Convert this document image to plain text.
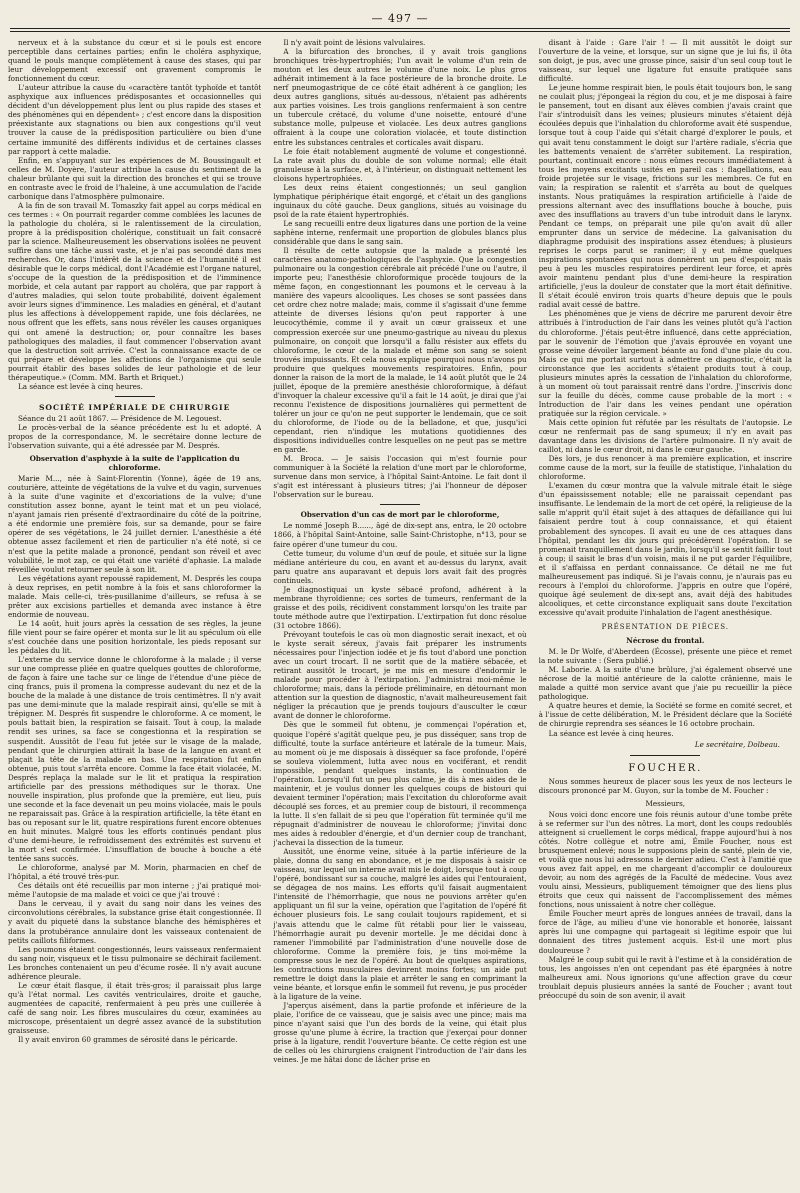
— 497 —

nerveux et à la substance du cœur et si le pouls est encore perceptible dans certaines parties; enfin le choléra asphyxique, quand le pouls manque complètement à cause des stases, qui par leur développement excessif ont gravement compromis le fonctionnement du cœur.

L'auteur attribue la cause du «caractère tantôt typhoïde et tantôt asphyxique aux influences prédisposantes et occasionnelles qui décident d'un développement plus lent ou plus rapide des stases et des phénomènes qui en dépendent» ; c'est encore dans la disposition préexistante aux stagnations ou bien aux congestions qu'il veut trouver la cause de la prédisposition particulière ou bien d'une certaine immunité des différents individus et de certaines classes par rapport à cette maladie.

Enfin, en s'appuyant sur les expériences de M. Boussingault et celles de M. Doyère, l'auteur attribue la cause du sentiment de la chaleur brûlante qui suit la direction des bronches et qui se trouve en contraste avec le froid de l'haleine, à une accumulation de l'acide carbonique dans l'atmosphère pulmonaire.

A la fin de son travail M. Tomaszky fait appel au corps médical en ces termes : « On pourrait regarder comme comblées les lacunes de la pathologie du choléra, si le ralentissement de la circulation, propre à la prédisposition cholérique, constituait un fait consacré par la science. Malheureusement les observations isolées ne peuvent suffire dans une tâche aussi vaste, et je n'ai pas secondé dans mes recherches. Or, dans l'intérêt de la science et de l'humanité il est désirable que le corps médical, dont l'Académie est l'organe naturel, s'occupe de la question de la prédisposition et de l'imminence morbide, et cela autant par rapport au choléra, que par rapport à d'autres maladies, qui selon toute probabilité, doivent également avoir leurs signes d'imminence. Les maladies en général, et d'autant plus les affections à développement rapide, une fois déclarées, ne nous offrent que les effets, sans nous révéler les causes organiques qui ont amené la destruction; or, pour connaître les bases pathologiques des maladies, il faut commencer l'observation avant que la destruction soit arrivée. C'est la connaissance exacte de ce qui prépare et développe les affections de l'organisme qui seule pourrait établir des bases solides de leur pathologie et de leur thérapeutique.» (Comm. MM. Barth et Briquet.)

La séance est levée à cinq heures.

SOCIÉTÉ IMPÉRIALE DE CHIRURGIE

Séance du 21 août 1867. — Présidence de M. Legouest.

Le procès-verbal de la séance précédente est lu et adopté. A propos de la correspondance, M. le secrétaire donne lecture de l'observation suivante, qui a été adressée par M. Després.

Observation d'asphyxie à la suite de l'application du chloroforme.

Marie M..., née à Saint-Florentin (Yonne), âgée de 19 ans, couturière, atteinte de végétations de la vulve et du vagin, survenues à la suite d'une vaginite et d'excoriations de la vulve; d'une constitution assez bonne, ayant le teint mat et un peu violacé, n'ayant jamais rien présenté d'extraordinaire du côté de la poitrine, a été endormie une première fois, sur sa demande, pour se faire opérer de ses végétations, le 24 juillet dernier. L'anesthésie a été obtenue assez facilement et rien de particulier n'a été noté, si ce n'est que la petite malade a prononcé, pendant son réveil et avec volubilité, le mot zap, ce qui était une variété d'aphasie. La malade réveillée voulut retourner seule à son lit.

Les végétations ayant repoussé rapidement, M. Després les coupa à deux reprises, en petit nombre à la fois et sans chloroformer la malade. Mais celle-ci, très-pusillanime d'ailleurs, se refusa à se prêter aux excisions partielles et demanda avec instance à être endormie de nouveau.

Le 14 août, huit jours après la cessation de ses règles, la jeune fille vient pour se faire opérer et monta sur le lit au spéculum où elle s'est couchée dans une position horizontale, les pieds reposant sur les pédales du lit.

L'externe du service donne le chloroforme à la malade ; il verse sur une compresse pliée en quatre quelques gouttes de chloroforme, de façon à faire une tache sur ce linge de l'étendue d'une pièce de cinq francs, puis il promena la compresse audevant du nez et de la bouche de la malade à une distance de trois centimètres. Il n'y avait pas une demi-minute que la malade respirait ainsi, qu'elle se mit à trépigner. M. Després fit suspendre le chloroforme. A ce moment, le pouls battait bien, la respiration se faisait. Tout à coup, la malade rendit ses urines, sa face se congestionna et la respiration se suspendit. Aussitôt de l'eau fut jetée sur le visage de la malade, pendant que le chirurgien attirait la base de la langue en avant et plaçait la tête de la malade en bas. Une respiration fut enfin obtenue, puis tout s'arrêta encore. Comme la face était violacée, M. Després replaça la malade sur le lit et pratiqua la respiration artificielle par des pressions méthodiques sur le thorax. Une nouvelle inspiration, plus profonde que la première, eut lieu, puis une seconde et la face devenait un peu moins violacée, mais le pouls ne reparaissait pas. Grâce à la respiration artificielle, la tête étant en bas ou reposant sur le lit, quatre respirations furent encore obtenues en huit minutes. Malgré tous les efforts continués pendant plus d'une demi-heure, le refroidissement des extrémités est survenu et la mort s'est confirmée. L'insufflation de bouche à bouche a été tentée sans succès.

Le chloroforme, analysé par M. Morin, pharmacien en chef de l'hôpital, a été trouvé très-pur.

Ces détails ont été recueillis par mon interne ; j'ai pratiqué moi-même l'autopsie de ma malade et voici ce que j'ai trouvé :

Dans le cerveau, il y avait du sang noir dans les veines des circonvolutions cérébrales, la substance grise était congestionnée. Il y avait du piqueté dans la substance blanche des hémisphères et dans la protubérance annulaire dont les vaisseaux contenaient de petits caillots filiformes.

Les poumons étaient congestionnés, leurs vaisseaux renfermaient du sang noir, visqueux et le tissu pulmonaire se déchirait facilement. Les bronches contenaient un peu d'écume rosée. Il n'y avait aucune adhérence pleurale.

Le cœur était flasque, il était très-gros; il paraissait plus large qu'à l'état normal. Les cavités ventriculaires, droite et gauche, augmentées de capacité, renfermaient à peu près une cuillerée à café de sang noir. Les fibres musculaires du cœur, examinées au microscope, présentaient un degré assez avancé de la substitution graisseuse.

Il y avait environ 60 grammes de sérosité dans le péricarde.

Il n'y avait point de lésions valvulaires.

A la bifurcation des bronches, il y avait trois ganglions bronchiques très-hypertrophiés; l'un avait le volume d'un rein de mouton et les deux autres le volume d'une noix. Le plus gros adhérait intimement à la face postérieure de la bronche droite. Le nerf pneumogastrique de ce côté était adhérent à ce ganglion; les deux autres ganglions, situés au-dessous, n'étaient pas adhérents aux parties voisines. Les trois ganglions renfermaient à son centre un tubercule crétacé, du volume d'une noisette, entouré d'une substance molle, pulpeuse et violacée. Les deux autres ganglions offraient à la coupe une coloration violacée, et toute distinction entre les substances centrales et corticales avait disparu.

Le foie était notablement augmenté de volume et congestionné. La rate avait plus du double de son volume normal; elle était granuleuse à la surface, et, à l'intérieur, on distinguait nettement les cloisons hypertrophiées.

Les deux reins étaient congestionnés; un seul ganglion lymphatique périphérique était engorgé, et c'était un des ganglions inguinaux du côté gauche. Deux ganglions, situés au voisinage du psoï de la rate étaient hypertrophiés.

Le sang recueilli entre deux ligatures dans une portion de la veine saphène interne, renfermait une proportion de globules blancs plus considérable que dans le sang sain.

Il résulte de cette autopsie que la malade a présenté les caractères anatomo-pathologiques de l'asphyxie. Que la congestion pulmonaire ou la congestion cérébrale ait précédé l'une ou l'autre, il importe peu; l'anesthésie chloroformique procède toujours de la même façon, en congestionnant les poumons et le cerveau à la manière des vapeurs alcooliques. Les choses se sont passées dans cet ordre chez notre malade; mais, comme il s'agissait d'une femme atteinte de diverses lésions qu'on peut rapporter à une leucocythémie, comme il y avait un cœur graisseux et une compression exercée sur une pneumo-gastrique au niveau du plexus pulmonaire, on conçoit que lorsqu'il a fallu résister aux effets du chloroforme, le cœur de la malade et même son sang se soient trouvés impuissants. Et cela nous explique pourquoi nous n'avons pu produire que quelques mouvements respiratoires. Enfin, pour donner la raison de la mort de la malade, le 14 août plutôt que le 24 juillet, époque de la première anesthésie chloroformique, à défaut d'invoquer la chaleur excessive qu'il a fait le 14 août, je dirai que j'ai reconnu l'existence de dispositions journalières qui permettent de tolérer un jour ce qu'on ne peut supporter le lendemain, que ce soit du chloroforme, de l'iode ou de la belladone, et que, jusqu'ici cependant, rien n'indique les mutations quotidiennes des dispositions individuelles contre lesquelles on ne peut pas se mettre en garde.

M. Broca. — Je saisis l'occasion qui m'est fournie pour communiquer à la Société la relation d'une mort par le chloroforme, survenue dans mon service, à l'hôpital Saint-Antoine. Le fait dont il s'agit est intéressant à plusieurs titres; j'ai l'honneur de déposer l'observation sur le bureau.

Observation d'un cas de mort par le chloroforme,

Le nommé Joseph B......, âgé de dix-sept ans, entra, le 20 octobre 1866, à l'hôpital Saint-Antoine, salle Saint-Christophe, n°13, pour se faire opérer d'une tumeur du cou.

Cette tumeur, du volume d'un œuf de poule, et située sur la ligne médiane antérieure du cou, en avant et au-dessus du larynx, avait paru quatre ans auparavant et depuis lors avait fait des progrès continuels.

Je diagnostiquai un kyste sébacé profond, adhérent à la membrane thyroïdienne; ces sortes de tumeurs, renfermant de la graisse et des poils, récidivent constamment lorsqu'on les traite par toute méthode autre que l'extirpation. L'extirpation fut donc résolue (31 octobre 1866).

Prévoyant toutefois le cas où mon diagnostic serait inexact, et où le kyste serait séreux, j'avais fait préparer les instruments nécessaires pour l'injection iodée et je fis tout d'abord une ponction avec un court trocart. Il ne sortit que de la matière sébacée, et retirant aussitôt le trocart, je me mis en mesure d'endormir le malade pour procéder à l'extirpation. J'administrai moi-même le chloroforme; mais, dans la période préliminaire, en détournant mon attention sur la question de diagnostic, n'avait malheureusement fait négliger la précaution que je prends toujours d'ausculter le cœur avant de donner le chloroforme.

Dès que le sommeil fut obtenu, je commençai l'opération et, quoique l'opéré s'agitât quelque peu, je pus disséquer, sans trop de difficulté, toute la surface antérieure et latérale de la tumeur. Mais, au moment où je me disposais à disséquer sa face profonde, l'opéré se souleva violemment, lutta avec nous en vociférant, et rendit impossible, pendant quelques instants, la continuation de l'opération. Lorsqu'il fut un peu plus calme, je dis à mes aides de le maintenir, et je voulus donner les quelques coups de bistouri qui devaient terminer l'opération; mais l'excitation du chloroforme avait découplé ses forces, et au premier coup de bistouri, il recommença la lutte. Il s'en fallait de si peu que l'opération fût terminée qu'il me répugnait d'administrer de nouveau le chloroforme; j'invitai donc mes aides à redoubler d'énergie, et d'un dernier coup de tranchant, j'achevai la dissection de la tumeur.

Aussitôt, une énorme veine, située à la partie inférieure de la plaie, donna du sang en abondance, et je me disposais à saisir ce vaisseau, sur lequel un interne avait mis le doigt, lorsque tout à coup l'opéré, bondissant sur sa couche, malgré les aides qui l'entouraient, se dégagea de nos mains. Les efforts qu'il faisait augmentaient l'intensité de l'hémorrhagie, que nous ne pouvions arrêter qu'en appliquant un fil sur la veine, opération que l'agitation de l'opéré fit échouer plusieurs fois. Le sang coulait toujours rapidement, et si j'avais attendu que le calme fût rétabli pour lier le vaisseau, l'hémorrhagie aurait pu devenir mortelle. Je me décidai donc à ramener l'immobilité par l'administration d'une nouvelle dose de chloroforme. Comme la première fois, je tins moi-même la compresse sous le nez de l'opéré. Au bout de quelques aspirations, les contractions musculaires devinrent moins fortes; un aide put remettre le doigt dans la plaie et arrêter le sang en comprimant la veine béante, et lorsque enfin le sommeil fut revenu, je pus procéder à la ligature de la veine.

J'aperçus aisément, dans la partie profonde et inférieure de la plaie, l'orifice de ce vaisseau, que je saisis avec une pince; mais ma pince n'ayant saisi que l'un des bords de la veine, qui était plus grosse qu'une plume à écrire, la traction que j'exerçai pour donner prise à la ligature, rendit l'ouverture béante. Ce cette région est une de celles où les chirurgiens craignent l'introduction de l'air dans les veines. Je me hâtai donc de lâcher prise en

disant à l'aide : Gare l'air ! — Il mit aussitôt le doigt sur l'ouverture de la veine, et lorsque, sur un signe que je lui fis, il ôta son doigt, je pus, avec une grosse pince, saisir d'un seul coup tout le vaisseau, sur lequel une ligature fut ensuite pratiquée sans difficulté.

Le jeune homme respirait bien, le pouls était toujours bon, le sang ne coulait plus; j'épongeai la région du cou, et je me disposai à faire le pansement, tout en disant aux élèves combien j'avais craint que l'air s'introduisît dans les veines; plusieurs minutes s'étaient déjà écoulées depuis que l'inhalation du chloroforme avait été suspendue, lorsque tout à coup l'aide qui s'était chargé d'explorer le pouls, et qui avait tenu constamment le doigt sur l'artère radiale, s'écria que les battements venaient de s'arrêter subitement. La respiration, pourtant, continuait encore : nous eûmes recours immédiatement à tous les moyens excitants usités en pareil cas : flagellations, eau froide projetée sur le visage, frictions sur les membres. Ce fut en vain; la respiration se ralentit et s'arrêta au bout de quelques instants. Nous pratiquâmes la respiration artificielle à l'aide de pressions alternant avec des insufflations bouche à bouche, puis avec des insufflations au travers d'un tube introduit dans le larynx. Pendant ce temps, on préparait une pile qu'on avait dû aller emprunter dans un service de médecine. La galvanisation du diaphragme produisit des inspirations assez étendues; à plusieurs reprises le corps parut se ranimer; il y eut même quelques inspirations spontanées qui nous donnèrent un peu d'espoir, mais peu à peu les muscles respiratoires perdirent leur force, et après avoir maintenu pendant plus d'une demi-heure la respiration artificielle, j'eus la douleur de constater que la mort était définitive. Il s'était écoulé environ trois quarts d'heure depuis que le pouls radial avait cessé de battre.

Les phénomènes que je viens de décrire me parurent devoir être attribués à l'introduction de l'air dans les veines plutôt qu'à l'action du chloroforme. J'étais peut-être influencé, dans cette appréciation, par le souvenir de l'émotion que j'avais éprouvée en voyant une grosse veine dévoiler largement béante au fond d'une plaie du cou. Mais ce qui me portait surtout à admettre ce diagnostic, c'était la circonstance que les accidents s'étaient produits tout à coup, plusieurs minutes après la cessation de l'inhalation du chloroforme, à un moment où tout paraissait rentré dans l'ordre. J'inscrivis donc sur la feuille du décès, comme cause probable de la mort : « Introduction de l'air dans les veines pendant une opération pratiquée sur la région cervicale. »

Mais cette opinion fut réfutée par les résultats de l'autopsie. Le cœur ne renfermait pas de sang spumeux; il n'y en avait pas davantage dans les divisions de l'artère pulmonaire. Il n'y avait de caillot, ni dans le cœur droit, ni dans le cœur gauche.

Dès lors, je dus renoncer à ma première explication, et inscrire comme cause de la mort, sur la feuille de statistique, l'inhalation du chloroforme.

L'examen du cœur montra que la valvule mitrale était le siège d'un épaississement notable; elle ne paraissait cependant pas insuffisante. Le lendemain de la mort de cet opéré, la religieuse de la salle m'apprit qu'il était sujet à des attaques de défaillance qui lui faisaient perdre tout à coup connaissance, et qui étaient probablement des syncopes. Il avait eu une de ces attaques dans l'hôpital, pendant les dix jours qui précédèrent l'opération. Il se promenait tranquillement dans le jardin, lorsqu'il se sentit faillir tout à coup; il saisit le bras d'un voisin, mais il ne put garder l'équilibre, et il s'affaissa en perdant connaissance. Ce détail ne me fut malheureusement pas indiqué. Si je l'avais connu, je n'aurais pas eu recours à l'emploi du chloroforme. J'appris en outre que l'opéré, quoique âgé seulement de dix-sept ans, avait déjà des habitudes alcooliques, et cette circonstance expliquait sans doute l'excitation excessive qu'avait produite l'inhalation de l'agent anesthésique.

PRÉSENTATION DE PIÈCES.
Nécrose du frontal.

M. le Dr Wolfe, d'Aberdeen (Écosse), présente une pièce et remet la note suivante : (Sera publié.)

M. Laborie. A la suite d'une brûlure, j'ai également observé une nécrose de la moitié antérieure de la calotte crânienne, mais le malade a quitté mon service avant que j'aie pu recueillir la pièce pathologique.

A quatre heures et demie, la Société se forme en comité secret, et à l'issue de cette délibération, M. le Président déclare que la Société de chirurgie reprendra ses séances le 16 octobre prochain.

La séance est levée à cinq heures.

Le secrétaire, Dolbeau.
FOUCHER.

Nous sommes heureux de placer sous les yeux de nos lecteurs le discours prononcé par M. Guyon, sur la tombe de M. Foucher :

Messieurs,

Nous voici donc encore une fois réunis autour d'une tombe prête à se refermer sur l'un des nôtres. La mort, dont les coups redoublés atteignent si cruellement le corps médical, frappe aujourd'hui à nos côtés. Notre collègue et notre ami, Émile Foucher, nous est brusquement enlevé; nous le supposions plein de santé, plein de vie, et voilà que nous lui adressons le dernier adieu. C'est à l'amitié que vous avez fait appel, en me chargeant d'accomplir ce douloureux devoir, au nom des agrégés de la Faculté de médecine. Vous avez voulu ainsi, Messieurs, publiquement témoigner que des liens plus étroits que ceux qui naissent de l'accomplissement des mêmes fonctions, nous unissaient à notre cher collègue.

Émile Foucher meurt après de longues années de travail, dans la force de l'âge, au milieu d'une vie honorable et honorée, laissant après lui une compagne qui partageait si légitime espoir que lui donnaient des titres justement acquis. Est-il une mort plus douloureuse ?

Malgré le coup subit qui le ravit à l'estime et à la considération de tous, les angoisses n'en ont cependant pas été épargnées à notre malheureux ami. Nous ignorions qu'une affection grave du cœur troublait depuis plusieurs années la santé de Foucher ; avant tout préoccupé du soin de son avenir, il avait
